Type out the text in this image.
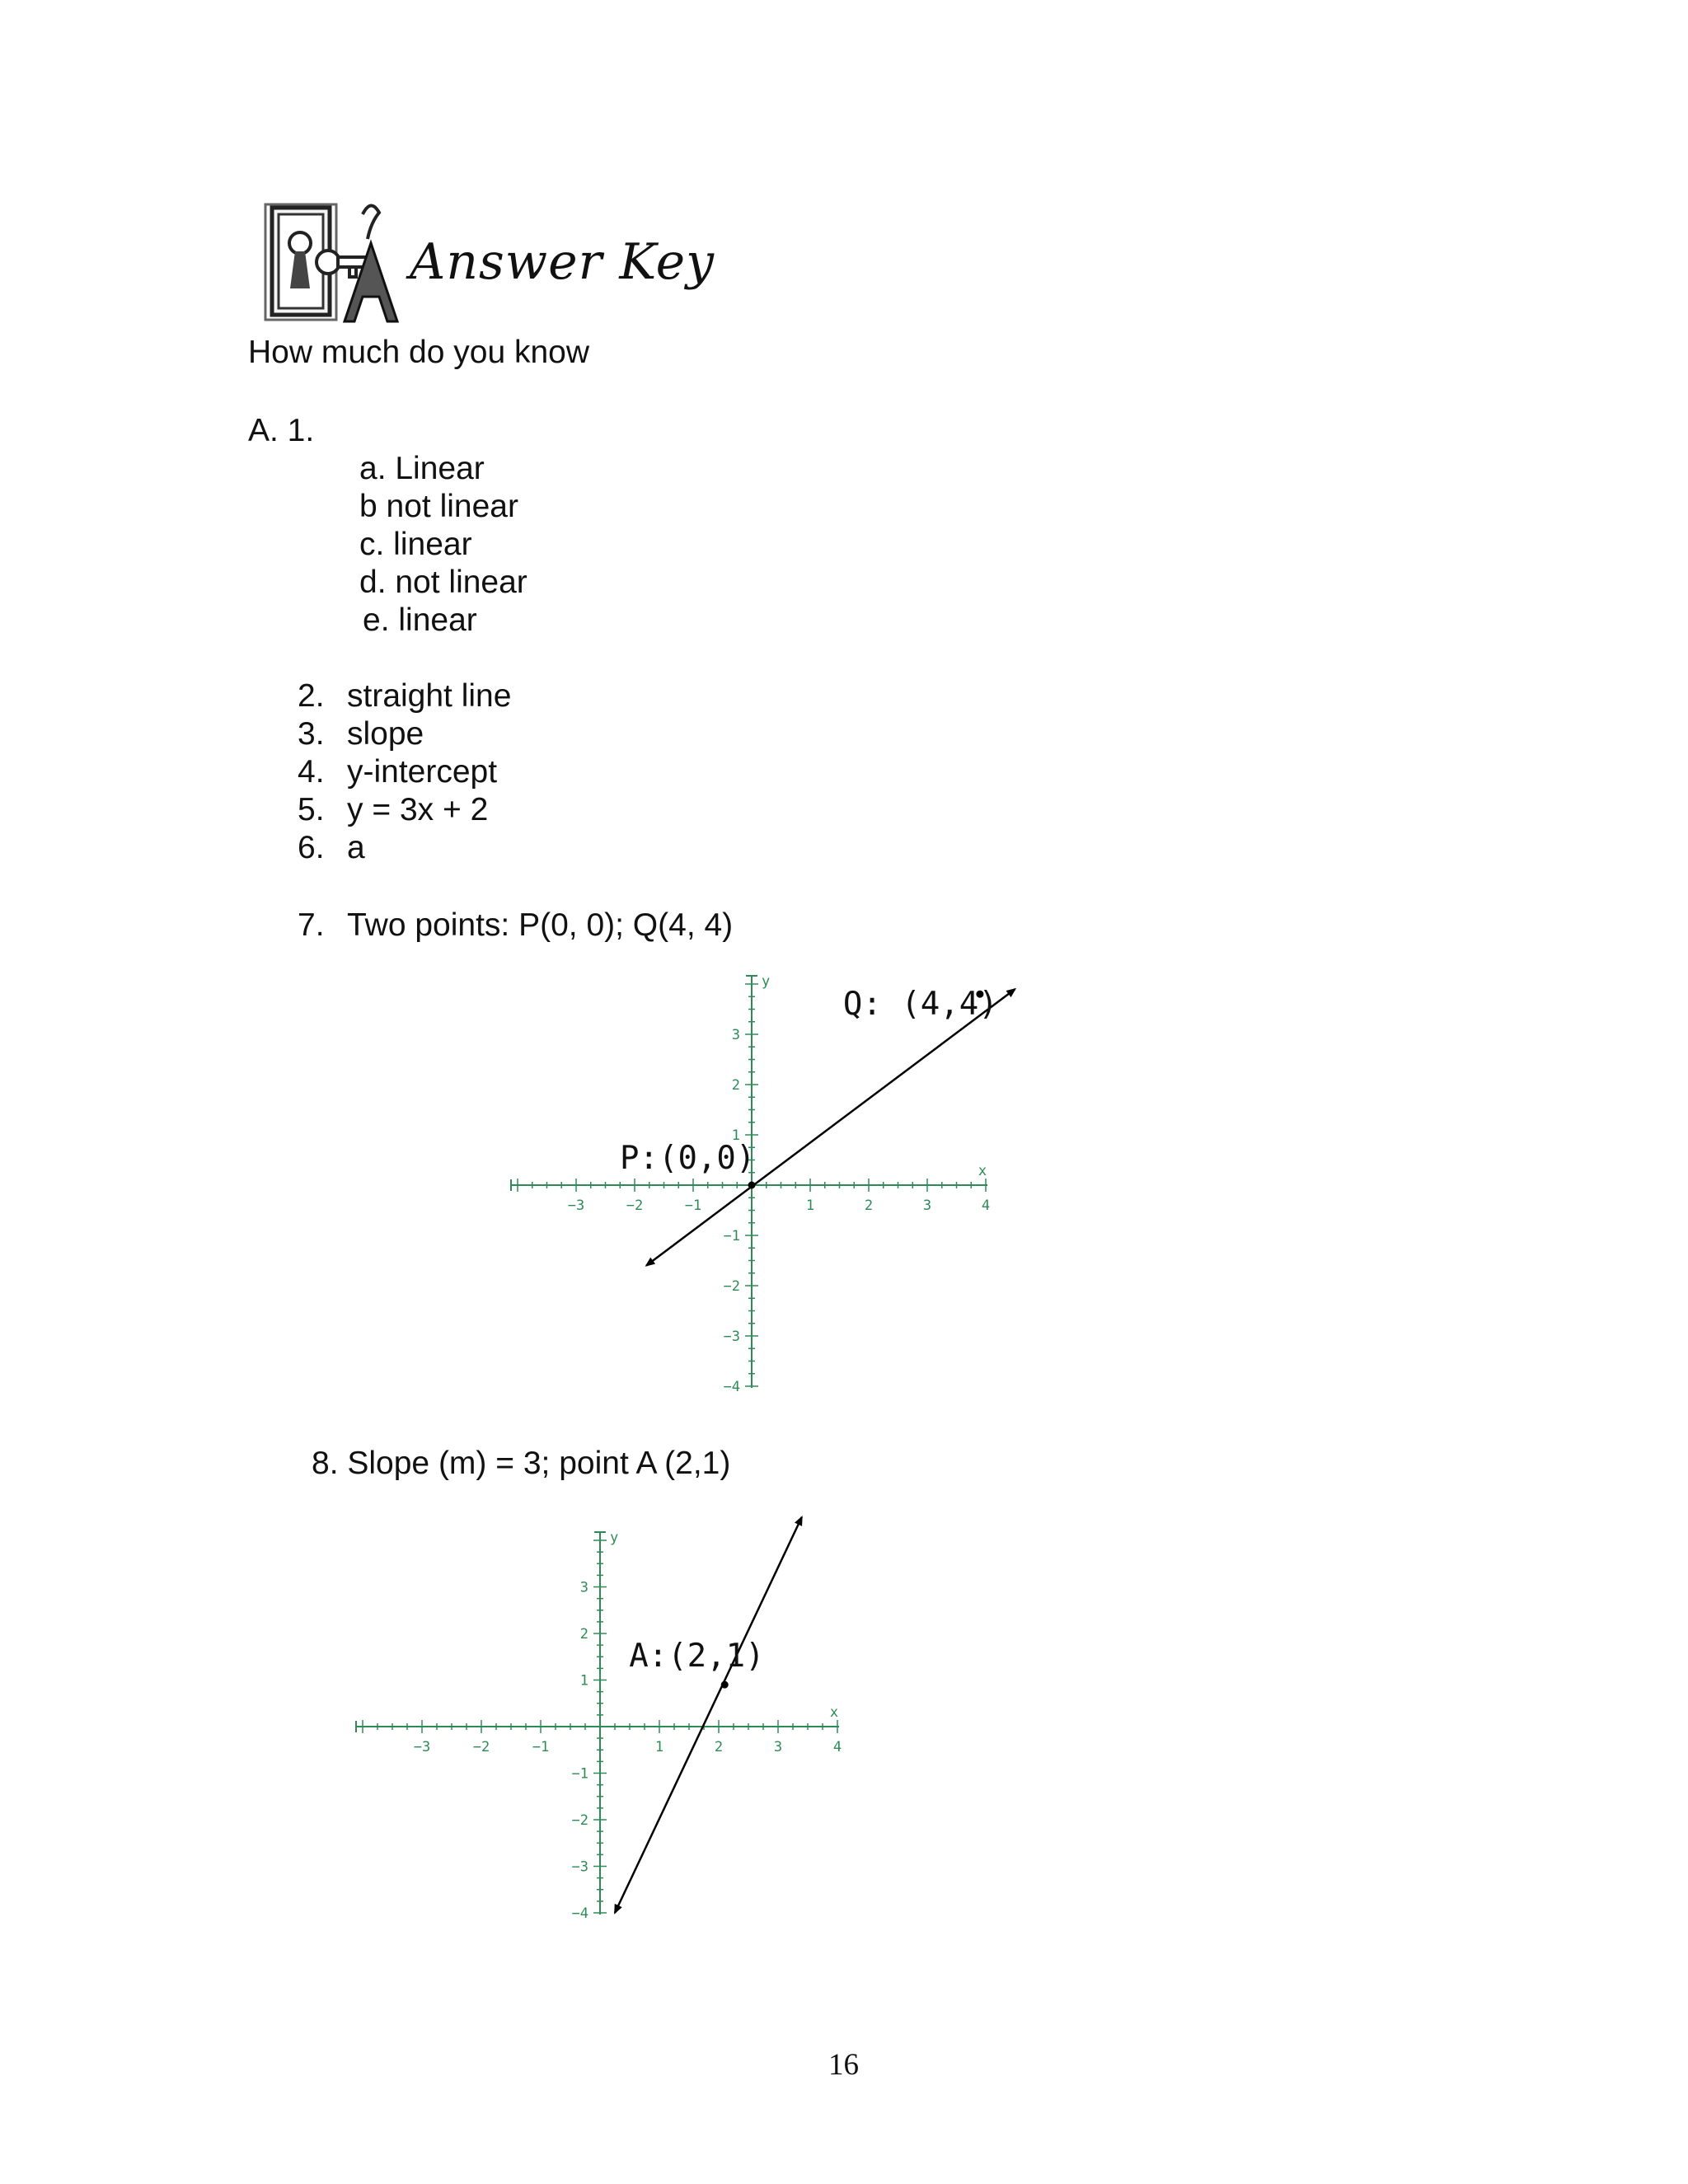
Answer Key
How much do you know
A. 1.
a. Linear
b not linear
c. linear
d. not linear
e. linear
2. straight line
3. slope
4. y-intercept
5. y = 3x + 2
6. a
7. Two points: P(0, 0); Q(4, 4)
−3	−2	−1	1	2	3	4
3
2
1
−1
−2
−3
−4
x
y
P:(0,0)
Q: (4,4)
8. Slope (m) = 3; point A (2,1)
−3	−2	−1	1	2	3	4
3
2
1
−1
−2
−3
−4
x
y
A:(2,1)
16
